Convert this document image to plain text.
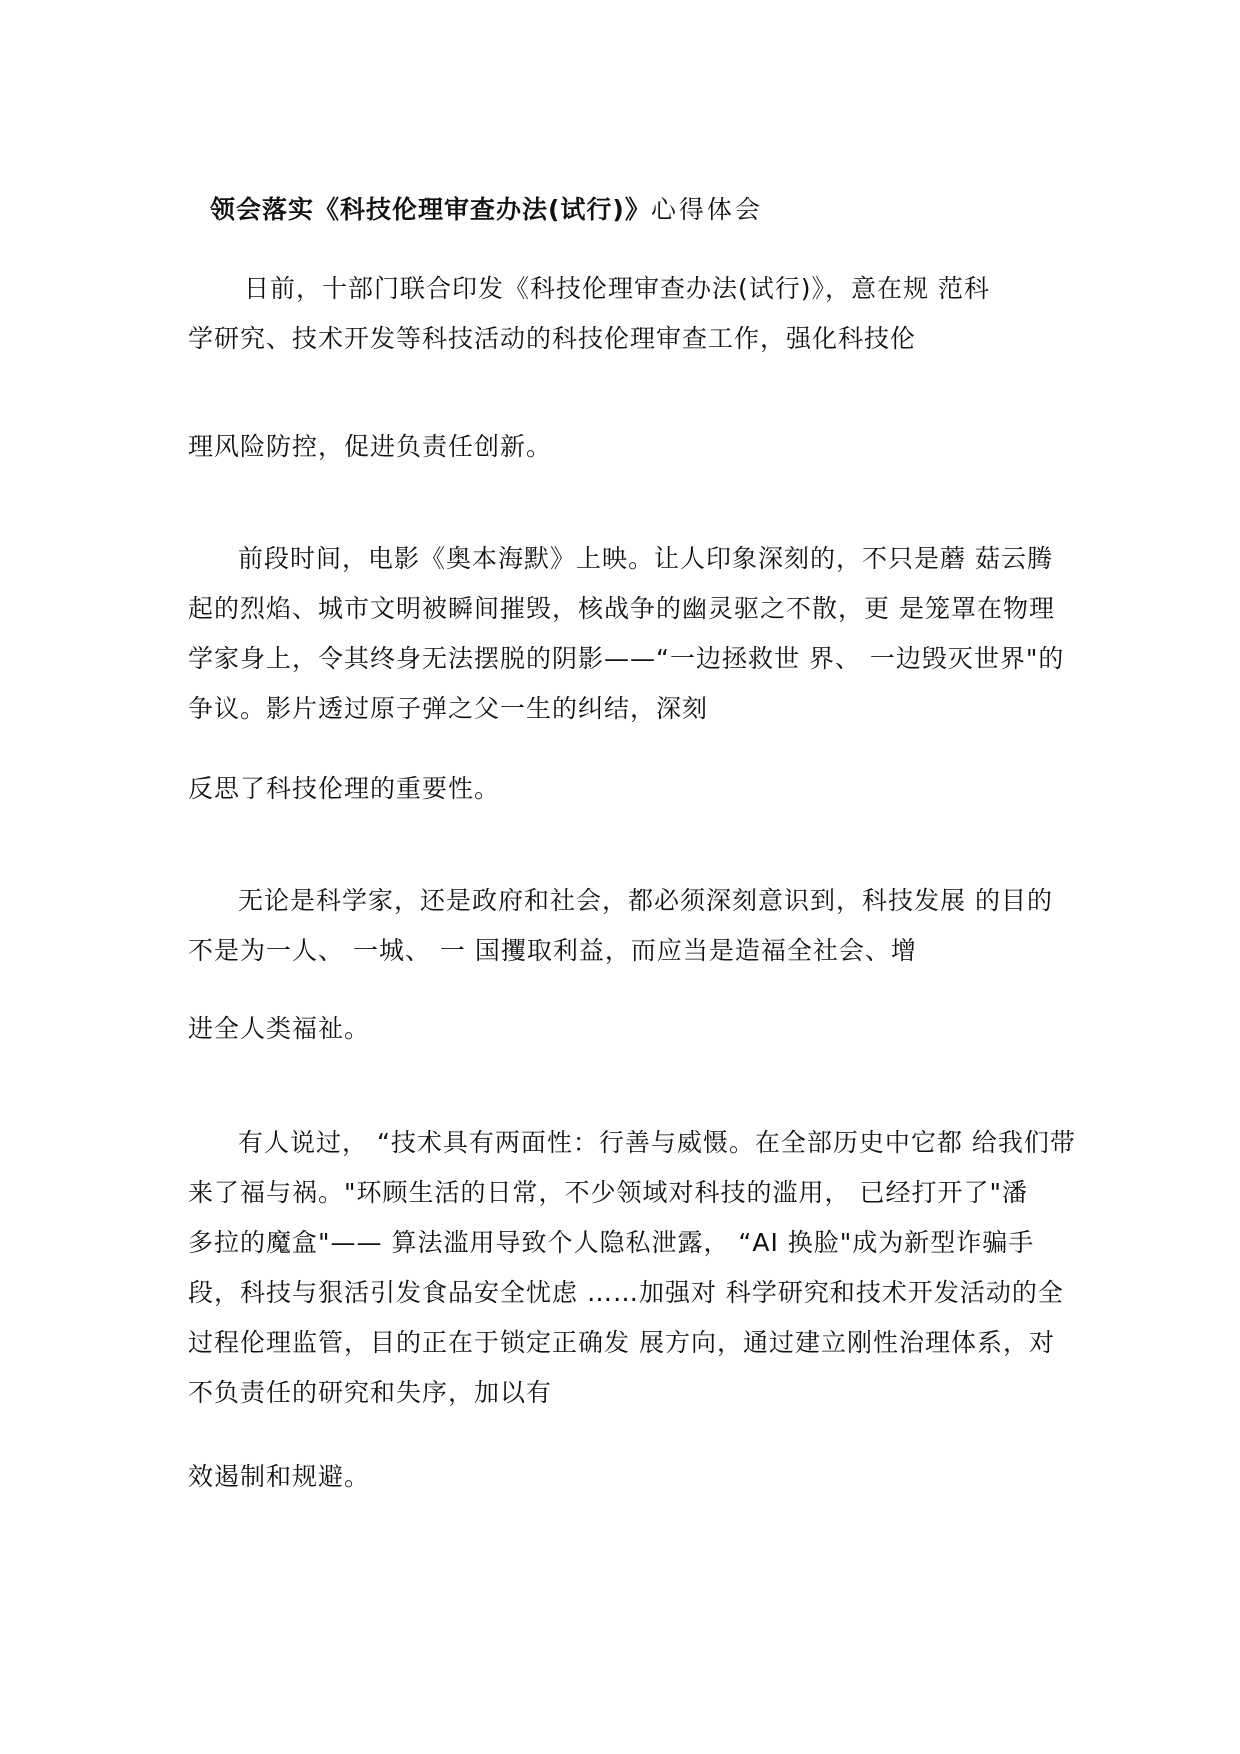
领会落实《科技伦理审查办法(试行)》心得体会
日前，十部门联合印发《科技伦理审查办法(试行)》，意在规 范科
学研究、技术开发等科技活动的科技伦理审查工作，强化科技伦
理风险防控，促进负责任创新。
前段时间，电影《奥本海默》上映。让人印象深刻的，不只是蘑 菇云腾
起的烈焰、城市文明被瞬间摧毁，核战争的幽灵驱之不散，更 是笼罩在物理
学家身上，令其终身无法摆脱的阴影——“一边拯救世 界、 一边毁灭世界"的
争议。影片透过原子弹之父一生的纠结，深刻
反思了科技伦理的重要性。
无论是科学家，还是政府和社会，都必须深刻意识到，科技发展 的目的
不是为一人、 一城、 一 国攫取利益，而应当是造福全社会、增
进全人类福祉。
有人说过， “技术具有两面性：行善与威慑。在全部历史中它都 给我们带
来了福与祸。"环顾生活的日常，不少领域对科技的滥用， 已经打开了"潘
多拉的魔盒"—— 算法滥用导致个人隐私泄露， “AI 换脸"成为新型诈骗手
段，科技与狠活引发食品安全忧虑 ……加强对 科学研究和技术开发活动的全
过程伦理监管，目的正在于锁定正确发 展方向，通过建立刚性治理体系，对
不负责任的研究和失序，加以有
效遏制和规避。
